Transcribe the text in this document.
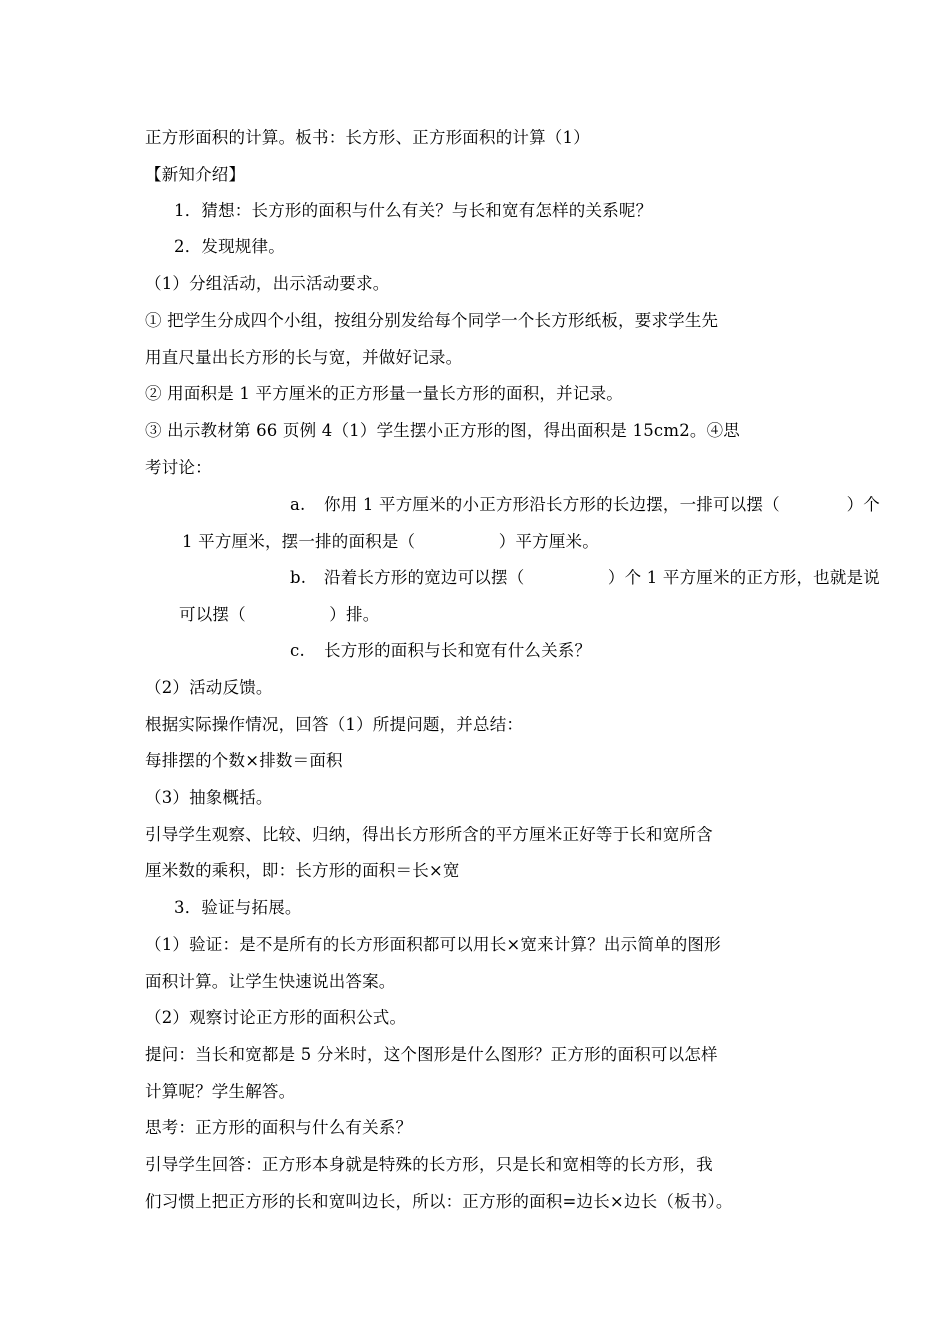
正方形面积的计算。板书：长方形、正方形面积的计算（1）
【新知介绍】
1．猜想：长方形的面积与什么有关？与长和宽有怎样的关系呢？
2．发现规律。
（1）分组活动，出示活动要求。
① 把学生分成四个小组，按组分别发给每个同学一个长方形纸板，要求学生先
用直尺量出长方形的长与宽，并做好记录。
② 用面积是 1 平方厘米的正方形量一量长方形的面积，并记录。
③ 出示教材第 66 页例 4（1）学生摆小正方形的图，得出面积是 15cm2。④思
考讨论：
a.	你用 1 平方厘米的小正方形沿长方形的长边摆，一排可以摆（　　　　）个
1 平方厘米，摆一排的面积是（　　　　　）平方厘米。
b.	沿着长方形的宽边可以摆（　　　　　）个 1 平方厘米的正方形，也就是说
可以摆（　　　　　）排。
c.	长方形的面积与长和宽有什么关系？
（2）活动反馈。
根据实际操作情况，回答（1）所提问题，并总结：
每排摆的个数×排数＝面积
（3）抽象概括。
引导学生观察、比较、归纳，得出长方形所含的平方厘米正好等于长和宽所含
厘米数的乘积，即：长方形的面积＝长×宽
3．验证与拓展。
（1）验证：是不是所有的长方形面积都可以用长×宽来计算？出示简单的图形
面积计算。让学生快速说出答案。
（2）观察讨论正方形的面积公式。
提问：当长和宽都是 5 分米时，这个图形是什么图形？正方形的面积可以怎样
计算呢？学生解答。
思考：正方形的面积与什么有关系？
引导学生回答：正方形本身就是特殊的长方形，只是长和宽相等的长方形，我
们习惯上把正方形的长和宽叫边长，所以：正方形的面积=边长×边长（板书）。
